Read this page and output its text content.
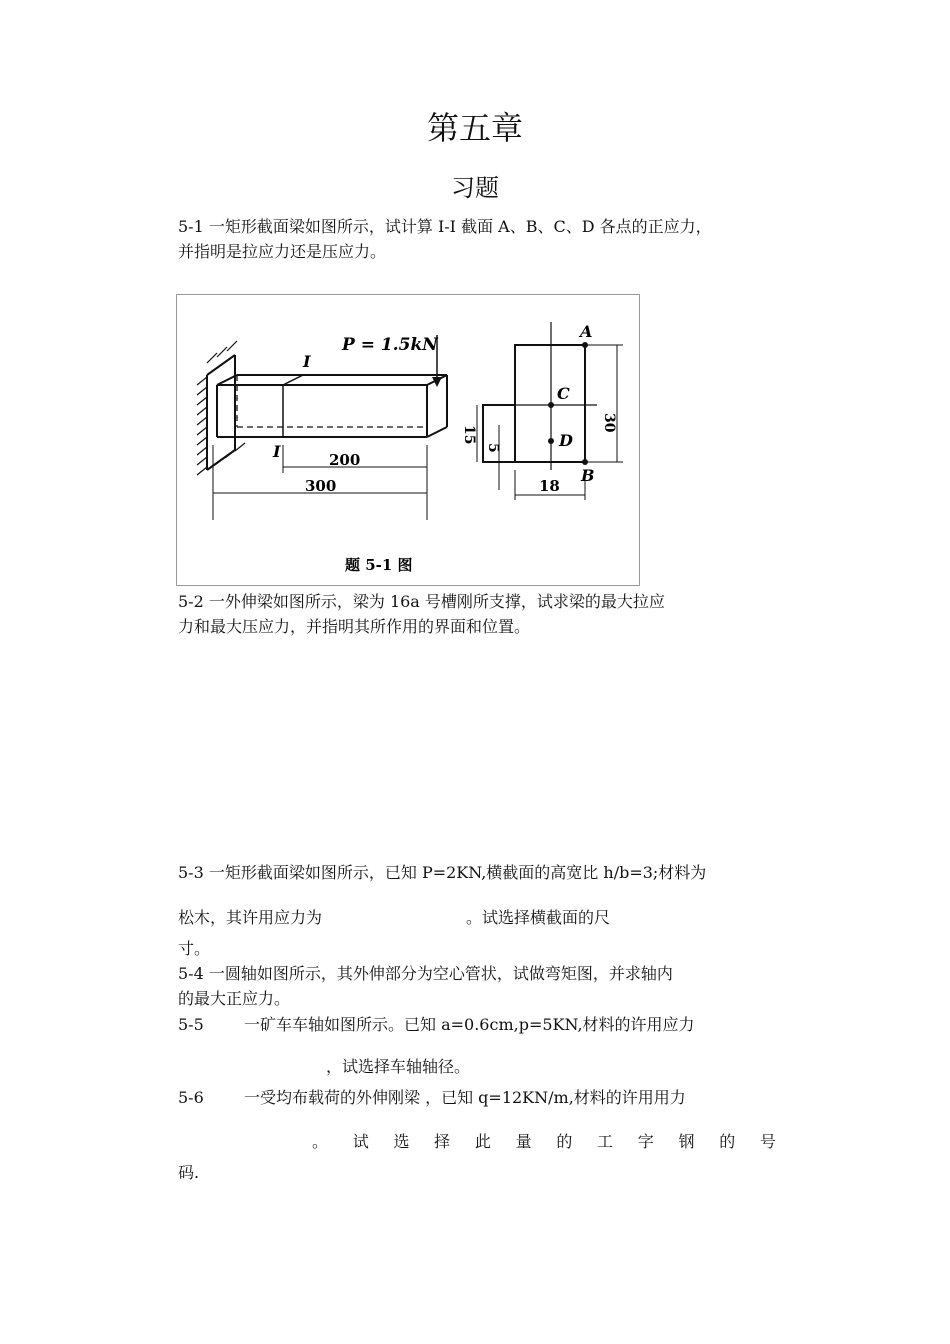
第五章
习题
5-1 一矩形截面梁如图所示，试计算 I-I 截面 A、B、C、D 各点的正应力，
并指明是拉应力还是压应力。
P = 1.5kN
I
I	200
300
A
B
C
D
30
15
5
18
题 5-1 图
5-2 一外伸梁如图所示，梁为 16a 号槽刚所支撑，试求梁的最大拉应
力和最大压应力，并指明其所作用的界面和位置。
5-3 一矩形截面梁如图所示，已知 P=2KN,横截面的高宽比 h/b=3;材料为
松木，其许用应力为	。试选择横截面的尺
寸。
5-4 一圆轴如图所示，其外伸部分为空心管状，试做弯矩图，并求轴内
的最大正应力。
5-5	一矿车车轴如图所示。已知 a=0.6cm,p=5KN,材料的许用应力
，试选择车轴轴径。
5-6	一受均布载荷的外伸刚梁 ，已知 q=12KN/m,材料的许用用力
。 试 选 择 此 量 的 工 字 钢 的 号
码.
